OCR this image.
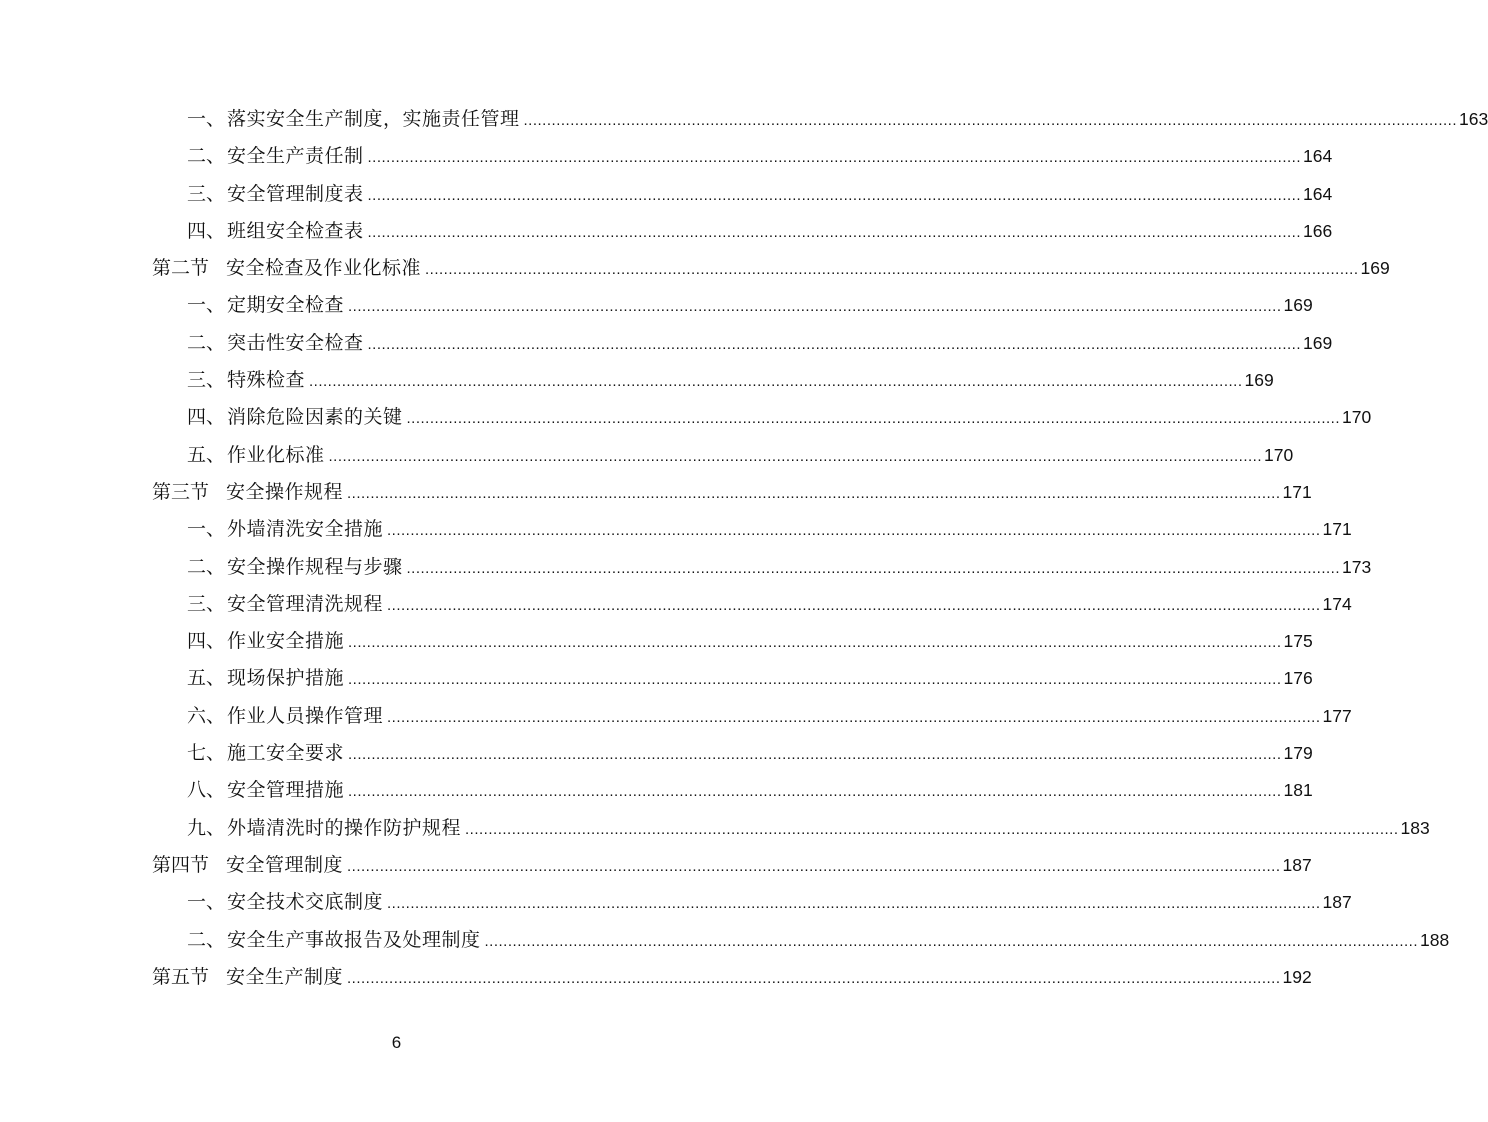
一、 落实安全生产制度，实施责任管理 ........................................................................................................................................................................................................ 163
二、 安全生产责任制 ........................................................................................................................................................................................................ 164
三、 安全管理制度表 ........................................................................................................................................................................................................ 164
四、 班组安全检查表 ........................................................................................................................................................................................................ 166
第二节 安全检查及作业化标准 ........................................................................................................................................................................................................ 169
一、 定期安全检查 ........................................................................................................................................................................................................ 169
二、 突击性安全检查 ........................................................................................................................................................................................................ 169
三、 特殊检查 ........................................................................................................................................................................................................ 169
四、 消除危险因素的关键 ........................................................................................................................................................................................................ 170
五、 作业化标准 ........................................................................................................................................................................................................ 170
第三节 安全操作规程 ........................................................................................................................................................................................................ 171
一、 外墙清洗安全措施 ........................................................................................................................................................................................................ 171
二、 安全操作规程与步骤 ........................................................................................................................................................................................................ 173
三、 安全管理清洗规程 ........................................................................................................................................................................................................ 174
四、 作业安全措施 ........................................................................................................................................................................................................ 175
五、 现场保护措施 ........................................................................................................................................................................................................ 176
六、 作业人员操作管理 ........................................................................................................................................................................................................ 177
七、 施工安全要求 ........................................................................................................................................................................................................ 179
八、 安全管理措施 ........................................................................................................................................................................................................ 181
九、 外墙清洗时的操作防护规程 ........................................................................................................................................................................................................ 183
第四节 安全管理制度 ........................................................................................................................................................................................................ 187
一、 安全技术交底制度 ........................................................................................................................................................................................................ 187
二、 安全生产事故报告及处理制度 ........................................................................................................................................................................................................ 188
第五节 安全生产制度 ........................................................................................................................................................................................................ 192
6
